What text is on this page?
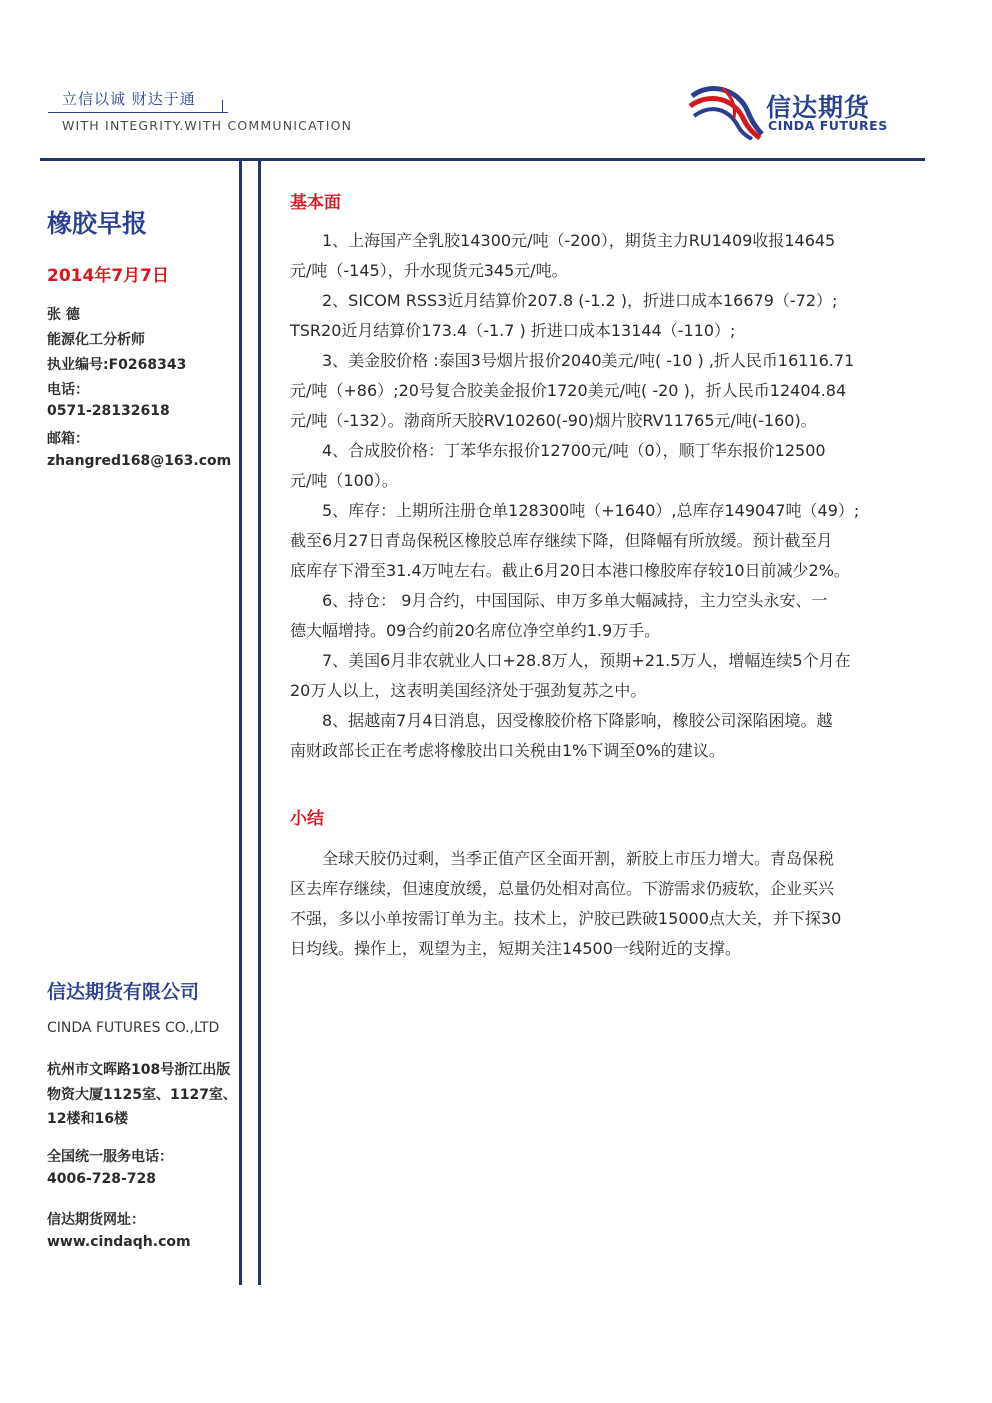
立信以诚 财达于通
WITH INTEGRITY.WITH COMMUNICATION
信达期货
CINDA FUTURES
橡胶早报
2014年7月7日
张 德
能源化工分析师
执业编号:F0268343
电话：
0571-28132618
邮箱：
zhangred168@163.com
信达期货有限公司
CINDA FUTURES CO.,LTD
杭州市文晖路108号浙江出版
物资大厦1125室、1127室、
12楼和16楼
全国统一服务电话：
4006-728-728
信达期货网址：
www.cindaqh.com
基本面

1、上海国产全乳胶14300元/吨（-200），期货主力RU1409收报14645

元/吨（-145），升水现货元345元/吨。

2、SICOM RSS3近月结算价207.8 (-1.2 )，折进口成本16679（-72）;

TSR20近月结算价173.4（-1.7 ) 折进口成本13144（-110）;

3、美金胶价格 :泰国3号烟片报价2040美元/吨( -10 ) ,折人民币16116.71

元/吨（+86）;20号复合胶美金报价1720美元/吨( -20 )，折人民币12404.84

元/吨（-132）。渤商所天胶RV10260(-90)烟片胶RV11765元/吨(-160)。

4、合成胶价格：丁苯华东报价12700元/吨（0），顺丁华东报价12500

元/吨（100）。

5、库存：上期所注册仓单128300吨（+1640）,总库存149047吨（49）;

截至6月27日青岛保税区橡胶总库存继续下降，但降幅有所放缓。预计截至月

底库存下滑至31.4万吨左右。截止6月20日本港口橡胶库存较10日前减少2%。

6、持仓： 9月合约，中国国际、申万多单大幅减持，主力空头永安、一

德大幅增持。09合约前20名席位净空单约1.9万手。

7、美国6月非农就业人口+28.8万人，预期+21.5万人，增幅连续5个月在

20万人以上，这表明美国经济处于强劲复苏之中。

8、据越南7月4日消息，因受橡胶价格下降影响，橡胶公司深陷困境。越

南财政部长正在考虑将橡胶出口关税由1%下调至0%的建议。

小结

全球天胶仍过剩，当季正值产区全面开割，新胶上市压力增大。青岛保税

区去库存继续，但速度放缓，总量仍处相对高位。下游需求仍疲软，企业买兴

不强，多以小单按需订单为主。技术上，沪胶已跌破15000点大关，并下探30

日均线。操作上，观望为主，短期关注14500一线附近的支撑。
